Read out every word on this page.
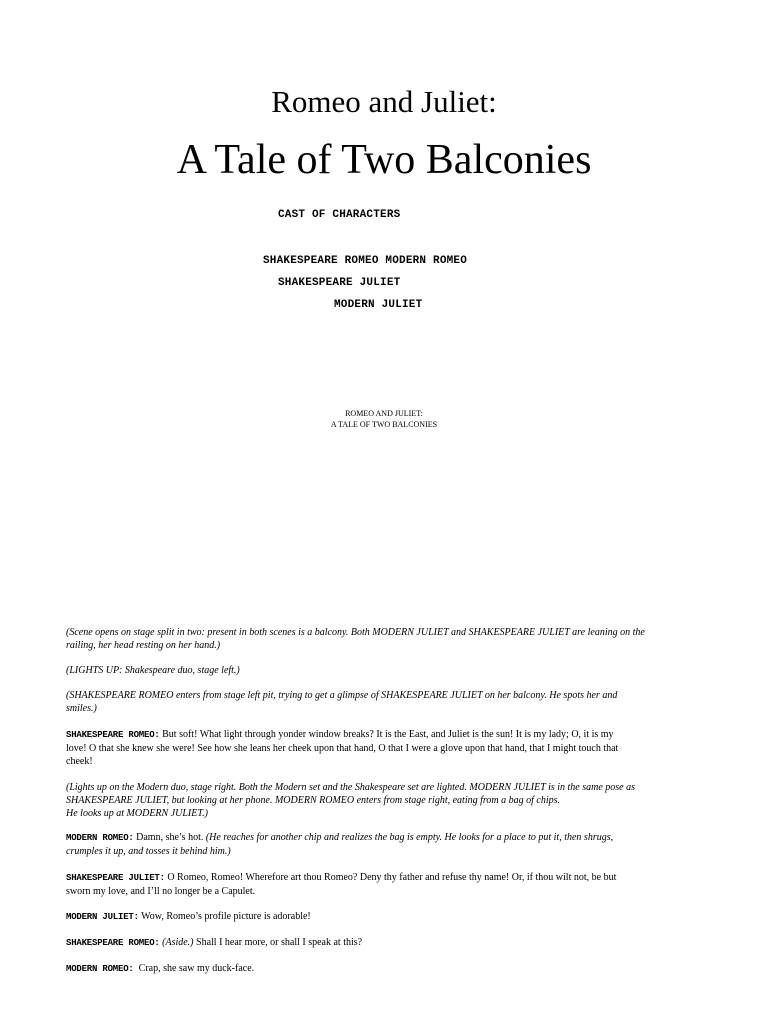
Romeo and Juliet:
A Tale of Two Balconies
CAST OF CHARACTERS
SHAKESPEARE ROMEO MODERN ROMEO
SHAKESPEARE JULIET
MODERN JULIET
ROMEO AND JULIET:
A TALE OF TWO BALCONIES

(Scene opens on stage split in two: present in both scenes is a balcony. Both MODERN JULIET and SHAKESPEARE JULIET are leaning on the

railing, her head resting on her hand.)

(LIGHTS UP: Shakespeare duo, stage left.)

(SHAKESPEARE ROMEO enters from stage left pit, trying to get a glimpse of SHAKESPEARE JULIET on her balcony. He spots her and

smiles.)

SHAKESPEARE ROMEO: But soft! What light through yonder window breaks? It is the East, and Juliet is the sun! It is my lady; O, it is my

love! O that she knew she were! See how she leans her cheek upon that hand, O that I were a glove upon that hand, that I might touch that

cheek!

(Lights up on the Modern duo, stage right. Both the Modern set and the Shakespeare set are lighted. MODERN JULIET is in the same pose as

SHAKESPEARE JULIET, but looking at her phone. MODERN ROMEO enters from stage right, eating from a bag of chips.

He looks up at MODERN JULIET.)

MODERN ROMEO: Damn, she’s hot. (He reaches for another chip and realizes the bag is empty. He looks for a place to put it, then shrugs,

crumples it up, and tosses it behind him.)

SHAKESPEARE JULIET: O Romeo, Romeo! Wherefore art thou Romeo? Deny thy father and refuse thy name! Or, if thou wilt not, be but

sworn my love, and I’ll no longer be a Capulet.

MODERN JULIET: Wow, Romeo’s profile picture is adorable!

SHAKESPEARE ROMEO: (Aside.) Shall I hear more, or shall I speak at this?

MODERN ROMEO:  Crap, she saw my duck-face.
